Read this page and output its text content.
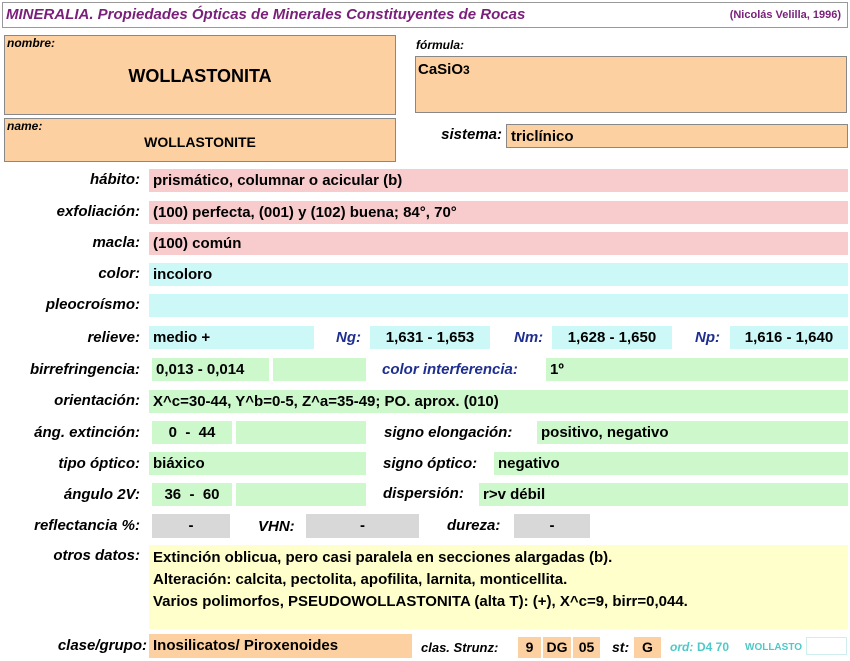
MINERALIA. Propiedades Ópticas de Minerales Constituyentes de Rocas	(Nicolás Velilla, 1996)
nombre:
WOLLASTONITA
fórmula:
CaSiO3
name:
WOLLASTONITE	sistema: triclínico
hábito: prismático, columnar o acicular (b)
exfoliación: (100) perfecta, (001) y (102) buena; 84°, 70°
macla: (100) común
color: incoloro
pleocroísmo:
relieve: medio +	Ng:	1,631 - 1,653	Nm:	1,628 - 1,650	Np:	1,616 - 1,640
birrefringencia: 0,013 - 0,014	color interferencia: 1º
orientación: X^c=30-44, Y^b=0-5, Z^a=35-49; PO. aprox. (010)
áng. extinción:	0  -  44	signo elongación: positivo, negativo
tipo óptico: biáxico	signo óptico: negativo
ángulo 2V:	36  -  60	dispersión: r>v débil
reflectancia %:	-	VHN:	-	dureza:	-
otros datos: Extinción oblicua, pero casi paralela en secciones alargadas (b).
Alteración: calcita, pectolita, apofilita, larnita, monticellita.
Varios polimorfos, PSEUDOWOLLASTONITA (alta T): (+), X^c=9, birr=0,044.
clase/grupo: Inosilicatos/ Piroxenoides	clas. Strunz:	9 DG 05	st: G	ord: D4 70 WOLLASTO
